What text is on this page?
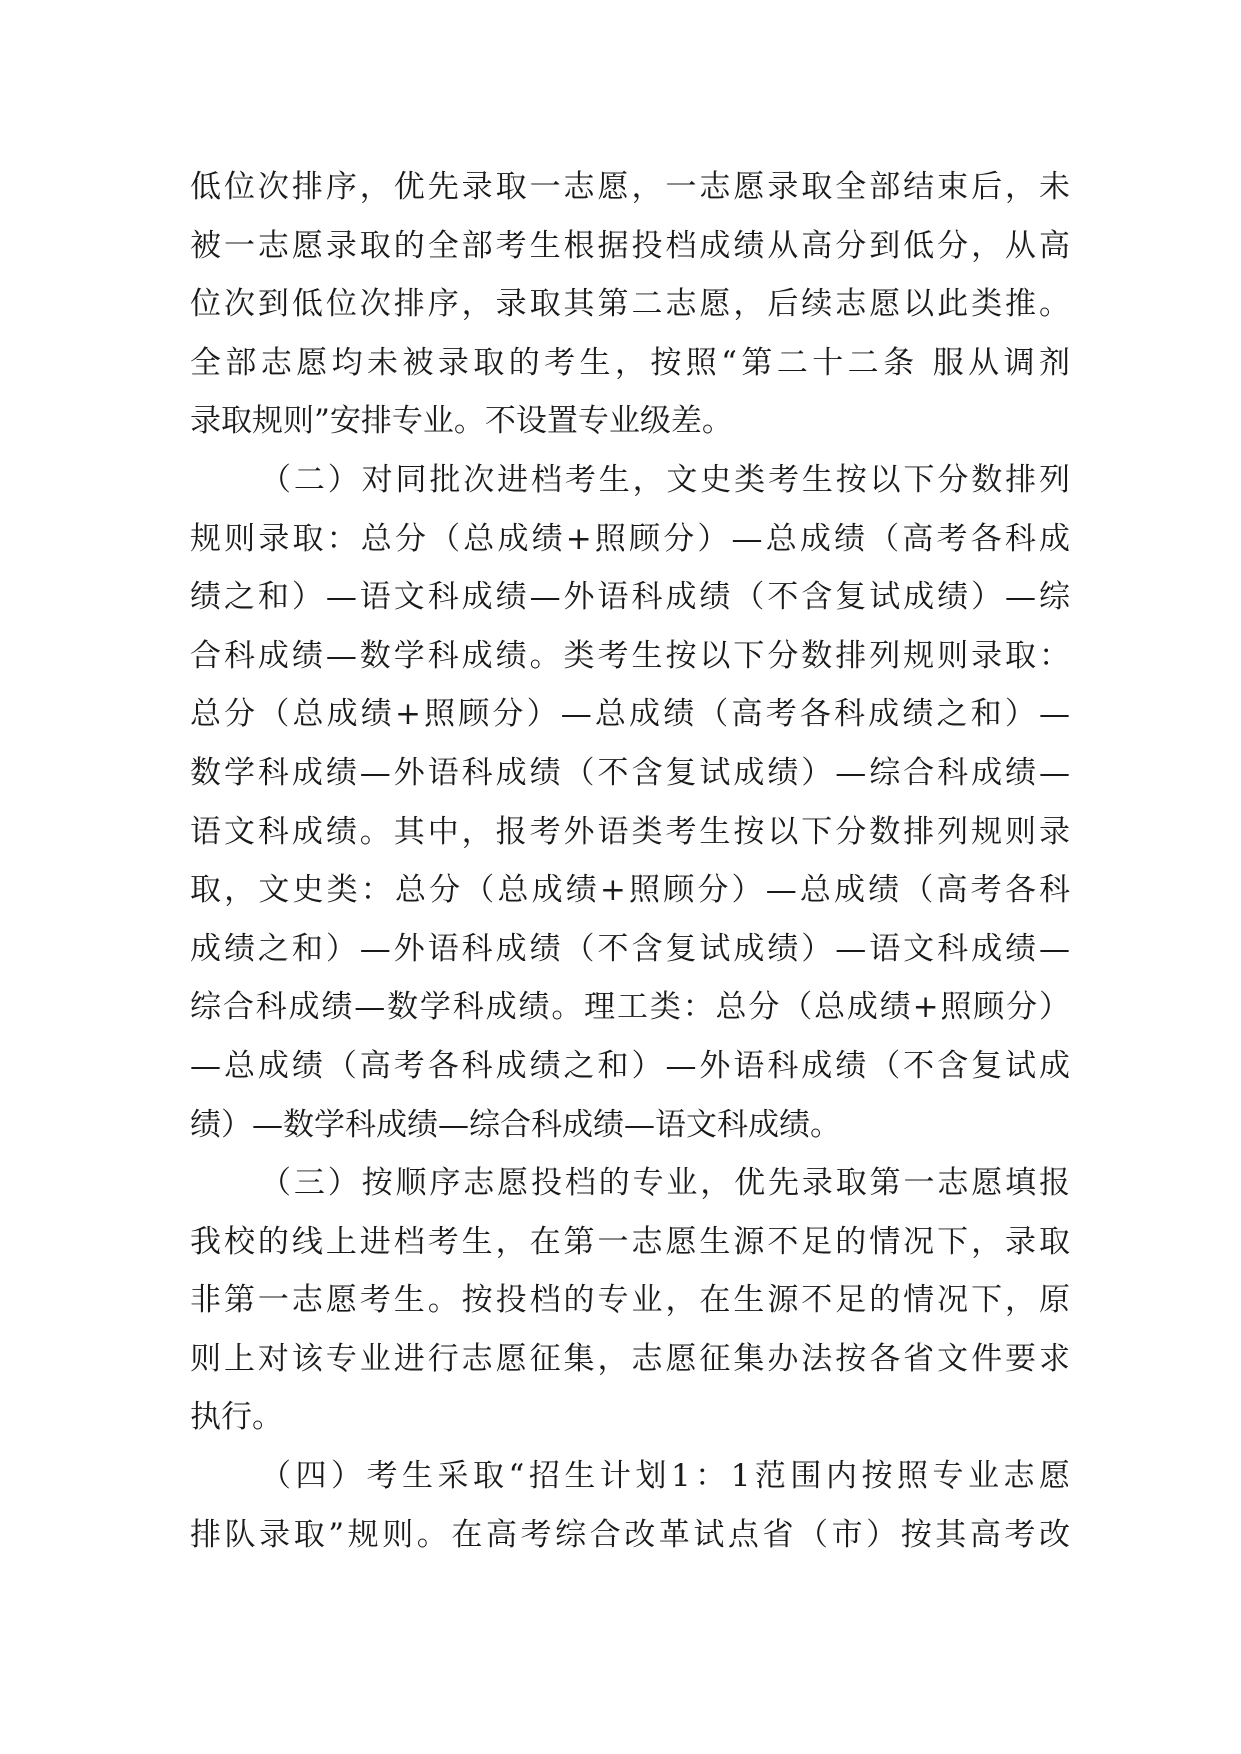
低位次排序，优先录取一志愿，一志愿录取全部结束后，未
被一志愿录取的全部考生根据投档成绩从高分到低分，从高
位次到低位次排序，录取其第二志愿，后续志愿以此类推。
全部志愿均未被录取的考生，按照“第二十二条 服从调剂
录取规则”安排专业。不设置专业级差。
（二）对同批次进档考生，文史类考生按以下分数排列
规则录取：总分（总成绩+照顾分）—总成绩（高考各科成
绩之和）—语文科成绩—外语科成绩（不含复试成绩）—综
合科成绩—数学科成绩。类考生按以下分数排列规则录取：
总分（总成绩+照顾分）—总成绩（高考各科成绩之和）—
数学科成绩—外语科成绩（不含复试成绩）—综合科成绩—
语文科成绩。其中，报考外语类考生按以下分数排列规则录
取，文史类：总分（总成绩+照顾分）—总成绩（高考各科
成绩之和）—外语科成绩（不含复试成绩）—语文科成绩—
综合科成绩—数学科成绩。理工类：总分（总成绩+照顾分）
—总成绩（高考各科成绩之和）—外语科成绩（不含复试成
绩）—数学科成绩—综合科成绩—语文科成绩。
（三）按顺序志愿投档的专业，优先录取第一志愿填报
我校的线上进档考生，在第一志愿生源不足的情况下，录取
非第一志愿考生。按投档的专业，在生源不足的情况下，原
则上对该专业进行志愿征集，志愿征集办法按各省文件要求
执行。
（四）考生采取“招生计划1：1范围内按照专业志愿
排队录取”规则。在高考综合改革试点省（市）按其高考改
